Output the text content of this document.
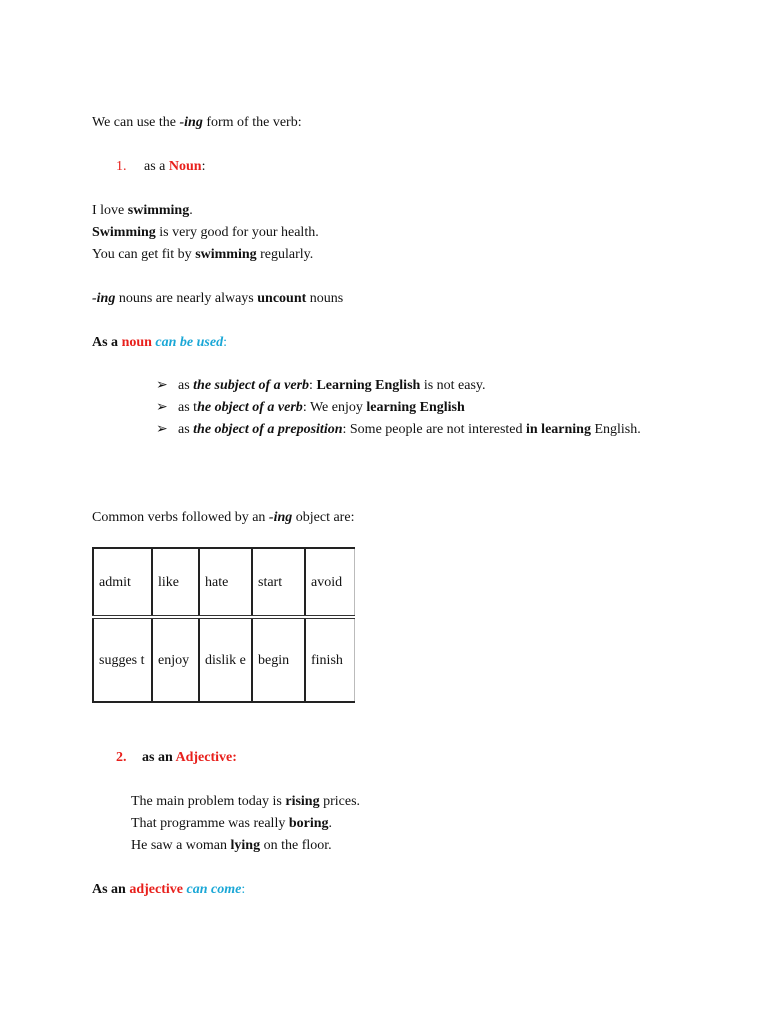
We can use the -ing form of the verb:
1. as a Noun:
I love swimming.
Swimming is very good for your health.
You can get fit by swimming regularly.
-ing nouns are nearly always uncount nouns
As a noun can be used:
➢ as the subject of a verb: Learning English is not easy.
➢ as the object of a verb: We enjoy learning English
➢ as the object of a preposition: Some people are not interested in learning English.
Common verbs followed by an -ing object are:
admit	like	hate	start	avoid
sugges t	enjoy	dislik e	begin	finish
2. as an Adjective:
The main problem today is rising prices.
That programme was really boring.
He saw a woman lying on the floor.
As an adjective can come:
